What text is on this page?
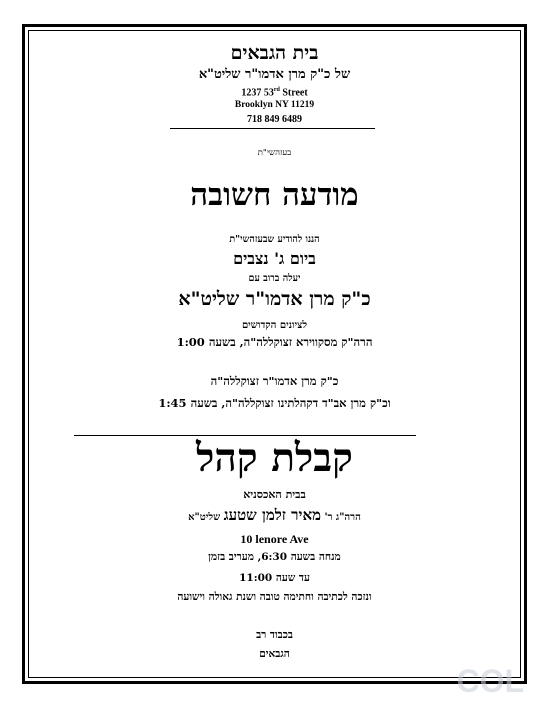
בית הגבאים
של כ"ק מרן אדמו"ר שליט"א
1237 53rd Street
Brooklyn NY 11219
718 849 6489
בעזהשי"ת
מודעה חשובה
הננו להודיע שבעזהשי"ת
ביום ג' נצבים
יעלה ברוב עם
כ"ק מרן אדמו"ר שליט"א
לציונים הקדושים
הרה"ק מסקווירא זצוקללה"ה, בשעה 1:00
כ"ק מרן אדמו"ר זצוקללה"ה
וכ"ק מרן אב"ד דקהלתינו זצוקללה"ה, בשעה 1:45
קבלת קהל
בבית האכסניא
הרה"ג ר' מאיר זלמן שטעג שליט"א
10 lenore Ave
מנחה בשעה 6:30, מעריב בזמן
עד שעה 11:00
ונזכה לכתיבה וחתימה טובה ושנת גאולה וישועה
בכבוד רב
הגבאים
COL
